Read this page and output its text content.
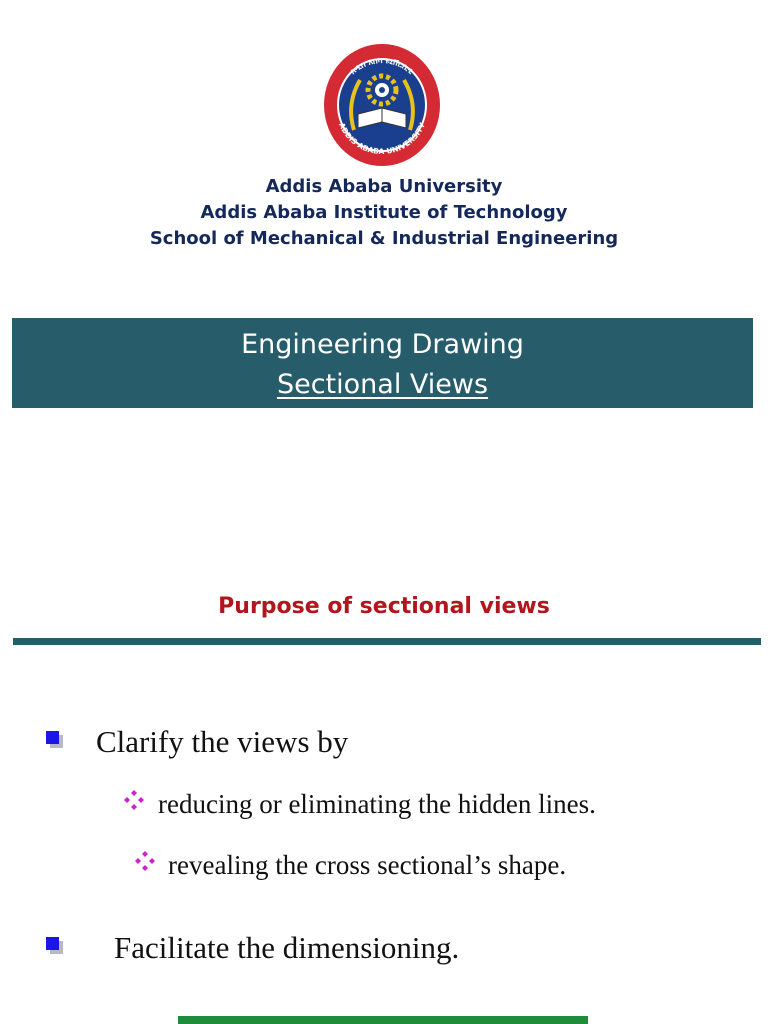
አዲስ አበባ ዩኒቨርሲቲ
ADDIS ABABA UNIVERSITY
Addis Ababa University
Addis Ababa Institute of Technology
School of Mechanical & Industrial Engineering
Engineering Drawing
Sectional Views
Purpose of sectional views
Clarify the views by
reducing or eliminating the hidden lines.
revealing the cross sectional’s shape.
Facilitate the dimensioning.
